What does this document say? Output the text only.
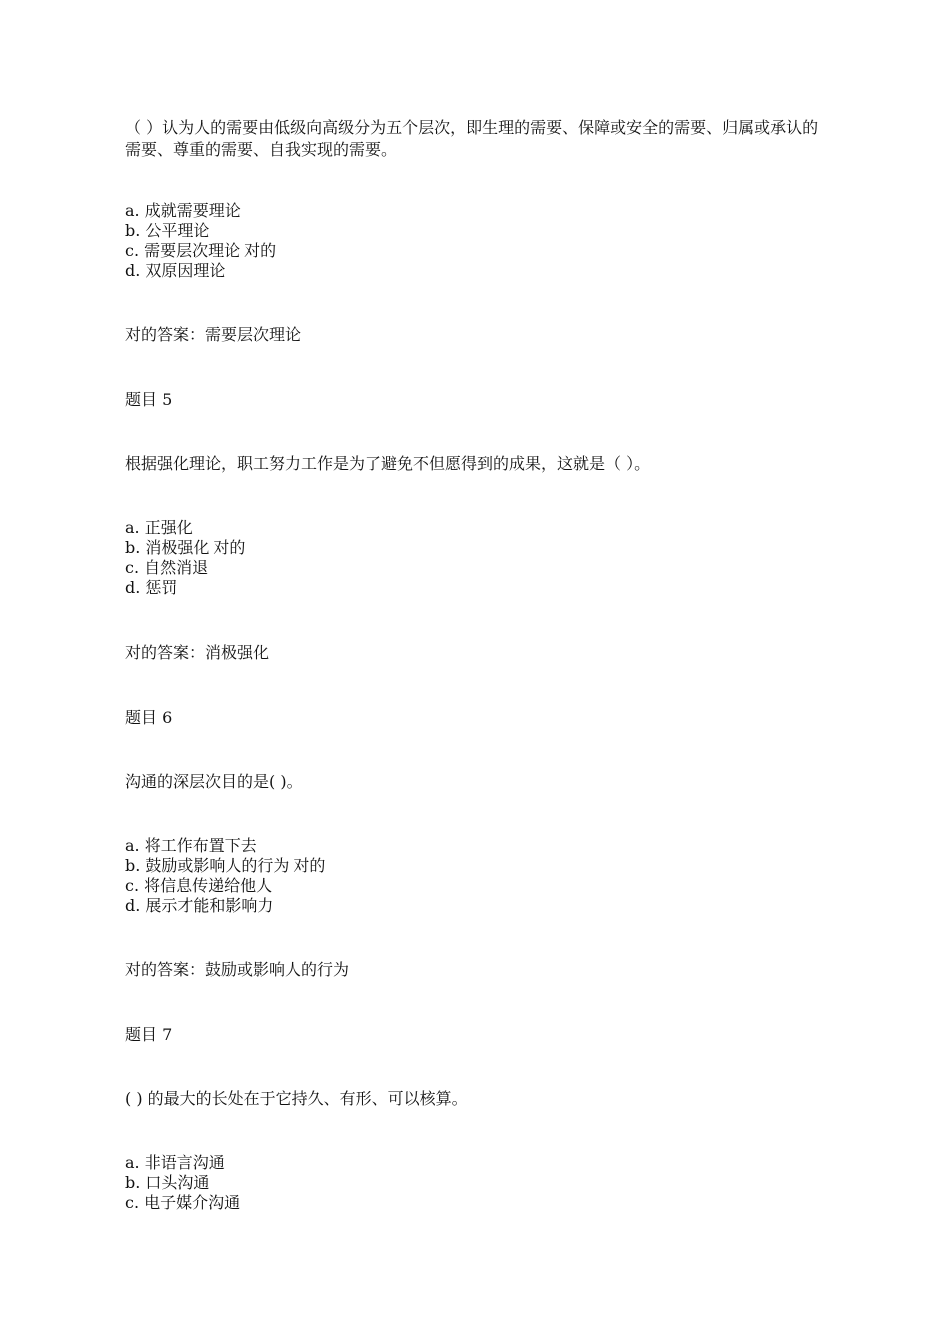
（ ）认为人的需要由低级向高级分为五个层次，即生理的需要、保障或安全的需要、归属或承认的需要、尊重的需要、自我实现的需要。
a. 成就需要理论
b. 公平理论
c. 需要层次理论 对的
d. 双原因理论
对的答案：需要层次理论
题目 5
根据强化理论，职工努力工作是为了避免不但愿得到的成果，这就是（ ）。
a. 正强化
b. 消极强化 对的
c. 自然消退
d. 惩罚
对的答案：消极强化
题目 6
沟通的深层次目的是( )。
a. 将工作布置下去
b. 鼓励或影响人的行为 对的
c. 将信息传递给他人
d. 展示才能和影响力
对的答案：鼓励或影响人的行为
题目 7
( ) 的最大的长处在于它持久、有形、可以核算。
a. 非语言沟通
b. 口头沟通
c. 电子媒介沟通
